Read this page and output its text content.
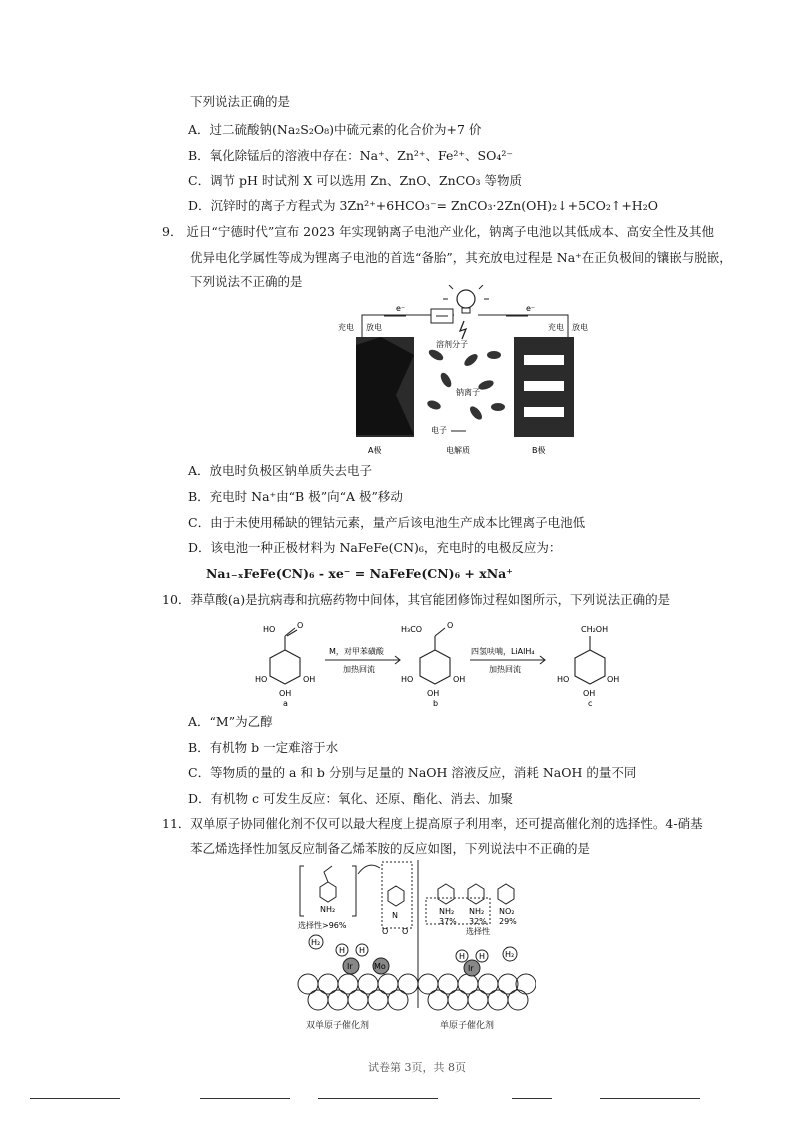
下列说法正确的是
A．过二硫酸钠(Na₂S₂O₈)中硫元素的化合价为+7 价
B．氧化除锰后的溶液中存在：Na⁺、Zn²⁺、Fe²⁺、SO₄²⁻
C．调节 pH 时试剂 X 可以选用 Zn、ZnO、ZnCO₃ 等物质
D．沉锌时的离子方程式为 3Zn²⁺+6HCO₃⁻= ZnCO₃·2Zn(OH)₂↓+5CO₂↑+H₂O
9． 近日“宁德时代”宣布 2023 年实现钠离子电池产业化，钠离子电池以其低成本、高安全性及其他
优异电化学属性等成为锂离子电池的首选“备胎”，其充放电过程是 Na⁺在正负极间的镶嵌与脱嵌，
下列说法不正确的是
e⁻	e⁻
充电 放电	充电 放电
溶剂分子
钠离子
电子
A极	电解质	B极
A．放电时负极区钠单质失去电子
B．充电时 Na⁺由“B 极”向“A 极”移动
C．由于未使用稀缺的锂钴元素，量产后该电池生产成本比锂离子电池低
D．该电池一种正极材料为 NaFeFe(CN)₆，充电时的电极反应为：
Na₁₋ₓFeFe(CN)₆ - xe⁻ = NaFeFe(CN)₆ + xNa⁺
10．莽草酸(a)是抗病毒和抗癌药物中间体，其官能团修饰过程如图所示，下列说法正确的是
HO	O
HO	OH
OH
a
H₃CO	O
HO	OH
OH
b
CH₂OH
HO	OH
OH
c
M，对甲苯磺酸
加热回流
四氢呋喃，LiAlH₄
加热回流
A．“M”为乙醇
B．有机物 b 一定难溶于水
C．等物质的量的 a 和 b 分别与足量的 NaOH 溶液反应，消耗 NaOH 的量不同
D．有机物 c 可发生反应：氧化、还原、酯化、消去、加聚
11．双单原子协同催化剂不仅可以最大程度上提高原子利用率，还可提高催化剂的选择性。4-硝基
苯乙烯选择性加氢反应制备乙烯苯胺的反应如图，下列说法中不正确的是
NH₂
选择性>96%
N
O O
H₂
H H
NH₂ NH₂ NO₂
37% 32% 29%
选择性
H H H₂
Ir	Mo	Ir
双单原子催化剂	单原子催化剂
试卷第 3页，共 8页
